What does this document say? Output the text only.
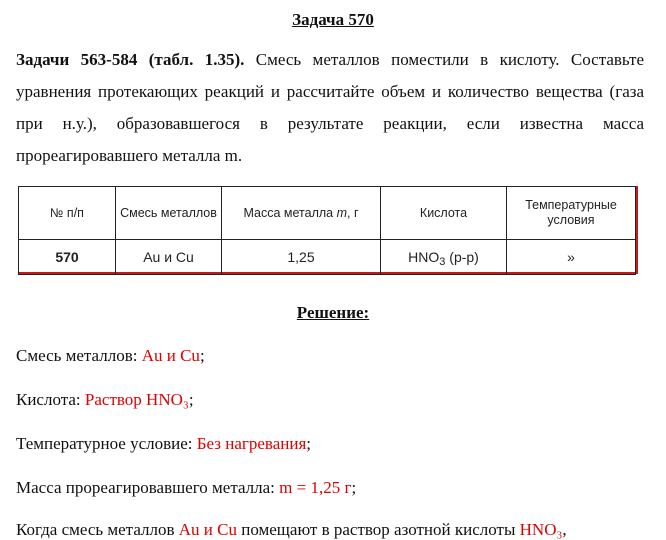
Задача 570
Задачи 563-584 (табл. 1.35). Смесь металлов поместили в кислоту. Составьте уравнения протекающих реакций и рассчитайте объем и количество вещества (газа при н.у.), образовавшегося в результате реакции, если известна масса прореагировавшего металла m.
№ п/п	Смесь металлов	Масса металла m, г	Кислота	Температурные условия
570	Au и Cu	1,25	$HNO_3$ (р-р)	»
Решение:
Смесь металлов: Au и Cu;
Кислота: Раствор HNO₃;
Температурное условие: Без нагревания;
Масса прореагировавшего металла: m = 1,25 г;
Когда смесь металлов Au и Cu помещают в раствор азотной кислоты HNO₃,
